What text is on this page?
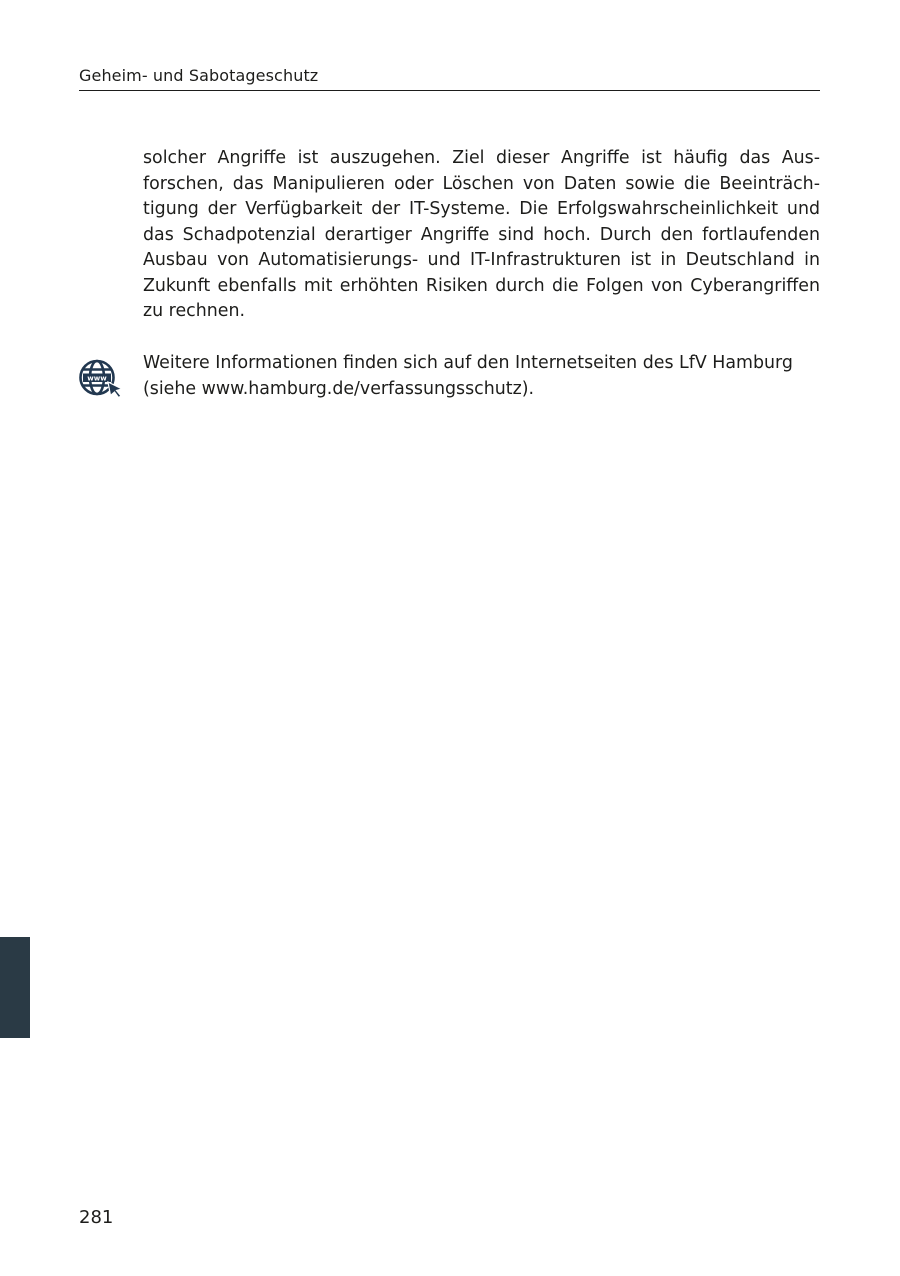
Geheim- und Sabotageschutz

solcher Angriffe ist auszugehen. Ziel dieser Angriffe ist häufig das Ausforschen, das Manipulieren oder Löschen von Daten sowie die Beeinträchtigung der Verfügbarkeit der IT-Systeme. Die Erfolgswahrscheinlichkeit und das Schadpotenzial derartiger Angriffe sind hoch. Durch den fortlaufenden Ausbau von Automatisierungs- und IT-Infrastrukturen ist in Deutschland in Zukunft ebenfalls mit erhöhten Risiken durch die Folgen von Cyberangriffen zu rechnen.

www

Weitere Informationen finden sich auf den Internetseiten des LfV Hamburg (siehe www.hamburg.de/verfassungsschutz).

281
